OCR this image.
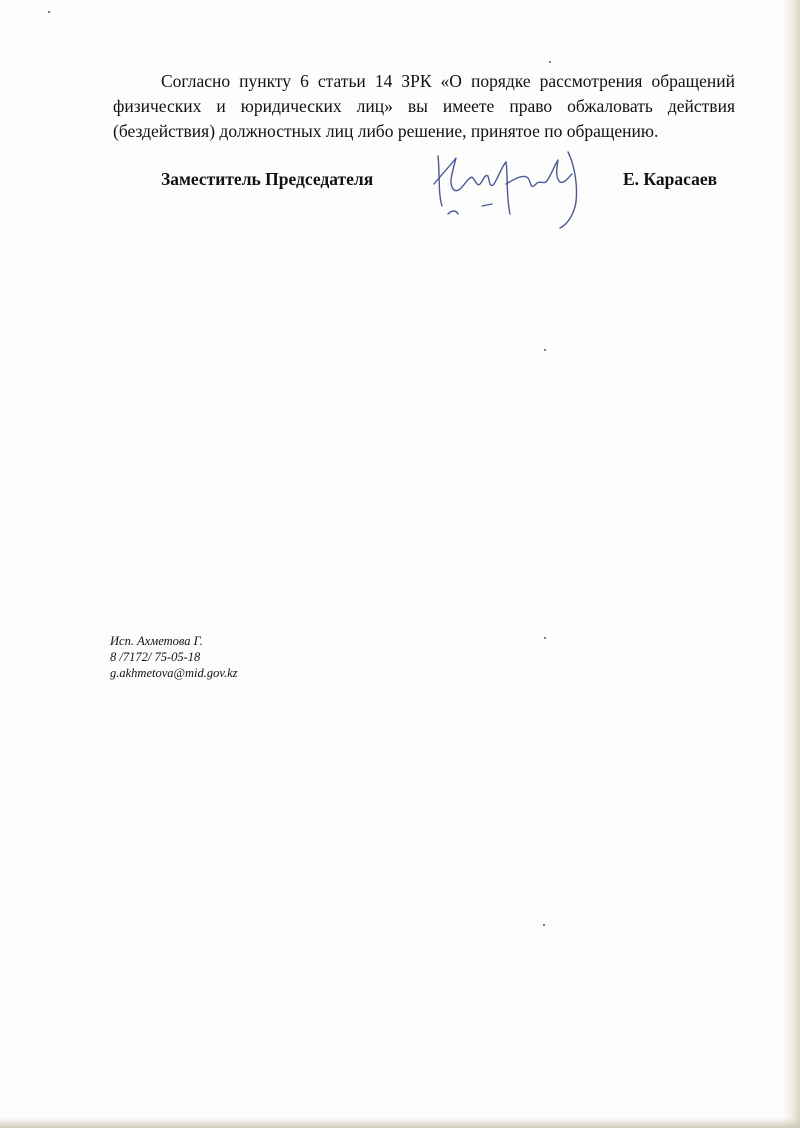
Согласно пункту 6 статьи 14 ЗРК «О порядке рассмотрения обращений физических и юридических лиц» вы имеете право обжаловать действия (бездействия) должностных лиц либо решение, принятое по обращению.

Заместитель Председателя	Е. Карасаев
Исп. Ахметова Г.
8 /7172/ 75-05-18
g.akhmetova@mid.gov.kz
